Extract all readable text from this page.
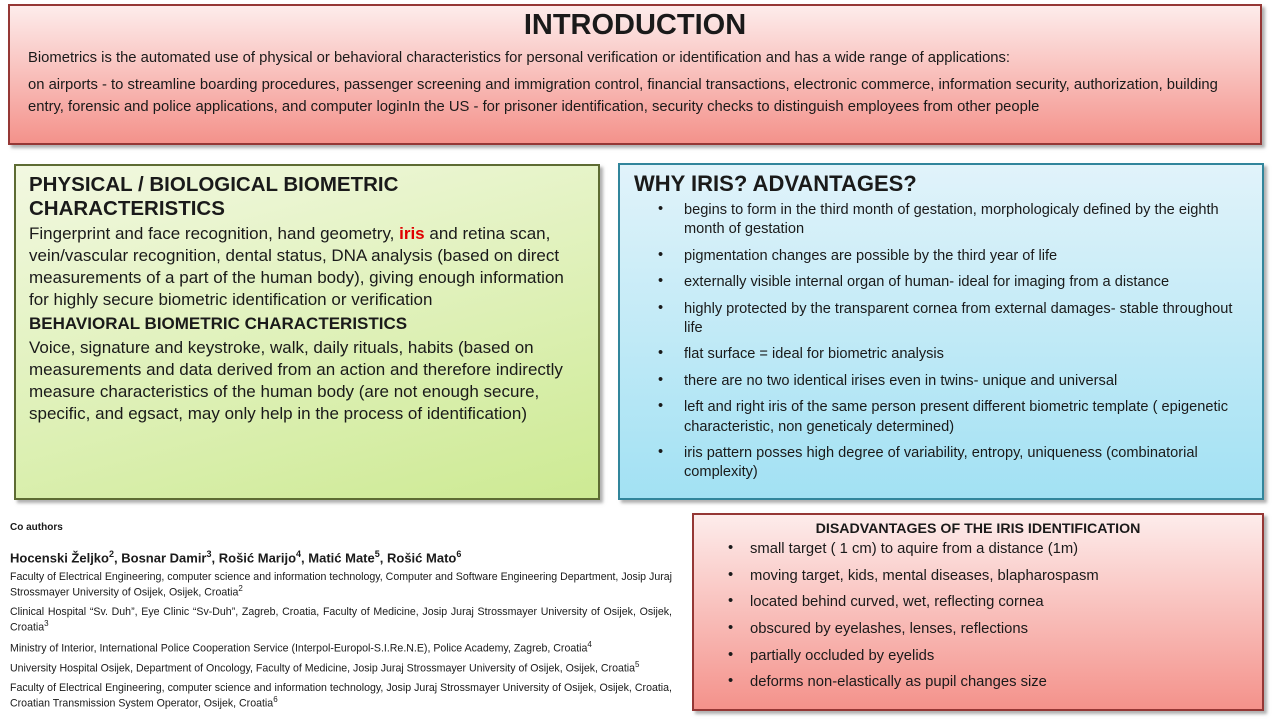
INTRODUCTION

Biometrics is the automated use of physical or behavioral characteristics for personal verification or identification and has a wide range of applications:

on airports - to streamline boarding procedures, passenger screening and immigration control, financial transactions, electronic commerce, information security, authorization, building entry, forensic and police applications, and computer loginIn the US - for prisoner identification, security checks to distinguish employees from other people

PHYSICAL / BIOLOGICAL BIOMETRIC CHARACTERISTICS

Fingerprint and face recognition, hand geometry, iris and retina scan, vein/vascular recognition, dental status, DNA analysis (based on direct measurements of a part of the human body), giving enough information for highly secure biometric identification or verification

BEHAVIORAL BIOMETRIC CHARACTERISTICS

Voice, signature and keystroke, walk, daily rituals, habits (based on measurements and data derived from an action and therefore indirectly measure characteristics of the human body (are not enough secure, specific, and egsact, may only help in the process of identification)

WHY IRIS? ADVANTAGES?
• begins to form in the third month of gestation, morphologicaly defined by the eighth month of gestation
• pigmentation changes are possible by the third year of life
• externally visible internal organ of human- ideal for imaging from a distance
• highly protected by the transparent cornea from external damages- stable throughout life
• flat surface = ideal for biometric analysis
• there are no two identical irises even in twins- unique and universal
• left and right iris of the same person present different biometric template ( epigenetic characteristic, non geneticaly determined)
• iris pattern posses high degree of variability, entropy, uniqueness (combinatorial complexity)
DISADVANTAGES OF THE IRIS IDENTIFICATION
• small target ( 1 cm) to aquire from a distance (1m)
• moving target, kids, mental diseases, blapharospasm
• located behind curved, wet, reflecting cornea
• obscured by eyelashes, lenses, reflections
• partially occluded by eyelids
• deforms non-elastically as pupil changes size
Co authors
Hocenski Željko$^2$, Bosnar Damir$^3$, Rošić Marijo$^4$, Matić Mate$^5$, Rošić Mato$^6$

Faculty of Electrical Engineering, computer science and information technology, Computer and Software Engineering Department, Josip Juraj Strossmayer University of Osijek, Osijek, Croatia$^2$

Clinical Hospital “Sv. Duh”, Eye Clinic “Sv-Duh”, Zagreb, Croatia, Faculty of Medicine, Josip Juraj Strossmayer University of Osijek, Osijek, Croatia$^3$

Ministry of Interior, International Police Cooperation Service (Interpol-Europol-S.I.Re.N.E), Police Academy, Zagreb, Croatia$^4$

University Hospital Osijek, Department of Oncology, Faculty of Medicine, Josip Juraj Strossmayer University of Osijek, Osijek, Croatia$^5$

Faculty of Electrical Engineering, computer science and information technology, Josip Juraj Strossmayer University of Osijek, Osijek, Croatia, Croatian Transmission System Operator, Osijek, Croatia$^6$
